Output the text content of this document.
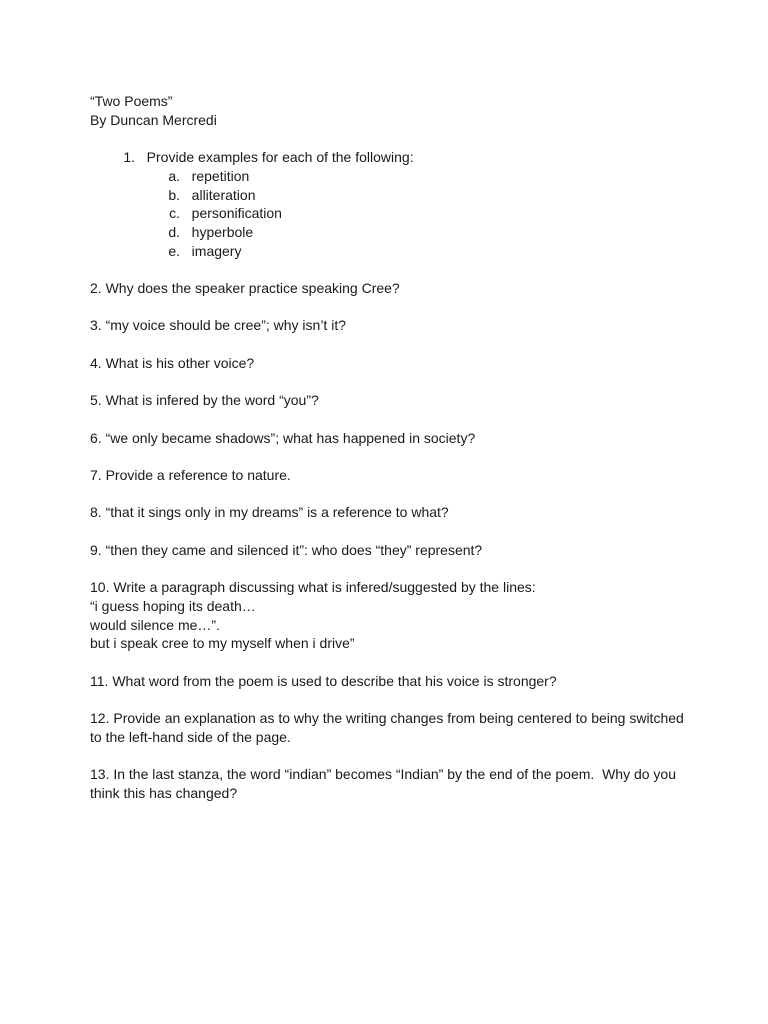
“Two Poems”
By Duncan Mercredi
1. Provide examples for each of the following:
a. repetition
b. alliteration
c. personification
d. hyperbole
e. imagery
2. Why does the speaker practice speaking Cree?
3. “my voice should be cree”; why isn’t it?
4. What is his other voice?
5. What is infered by the word “you”?
6. “we only became shadows”; what has happened in society?
7. Provide a reference to nature.
8. “that it sings only in my dreams” is a reference to what?
9. “then they came and silenced it”: who does “they” represent?
10. Write a paragraph discussing what is infered/suggested by the lines:
“i guess hoping its death…
would silence me…”.
but i speak cree to my myself when i drive”
11. What word from the poem is used to describe that his voice is stronger?
12. Provide an explanation as to why the writing changes from being centered to being switched
to the left-hand side of the page.
13. In the last stanza, the word “indian” becomes “Indian” by the end of the poem.  Why do you
think this has changed?
